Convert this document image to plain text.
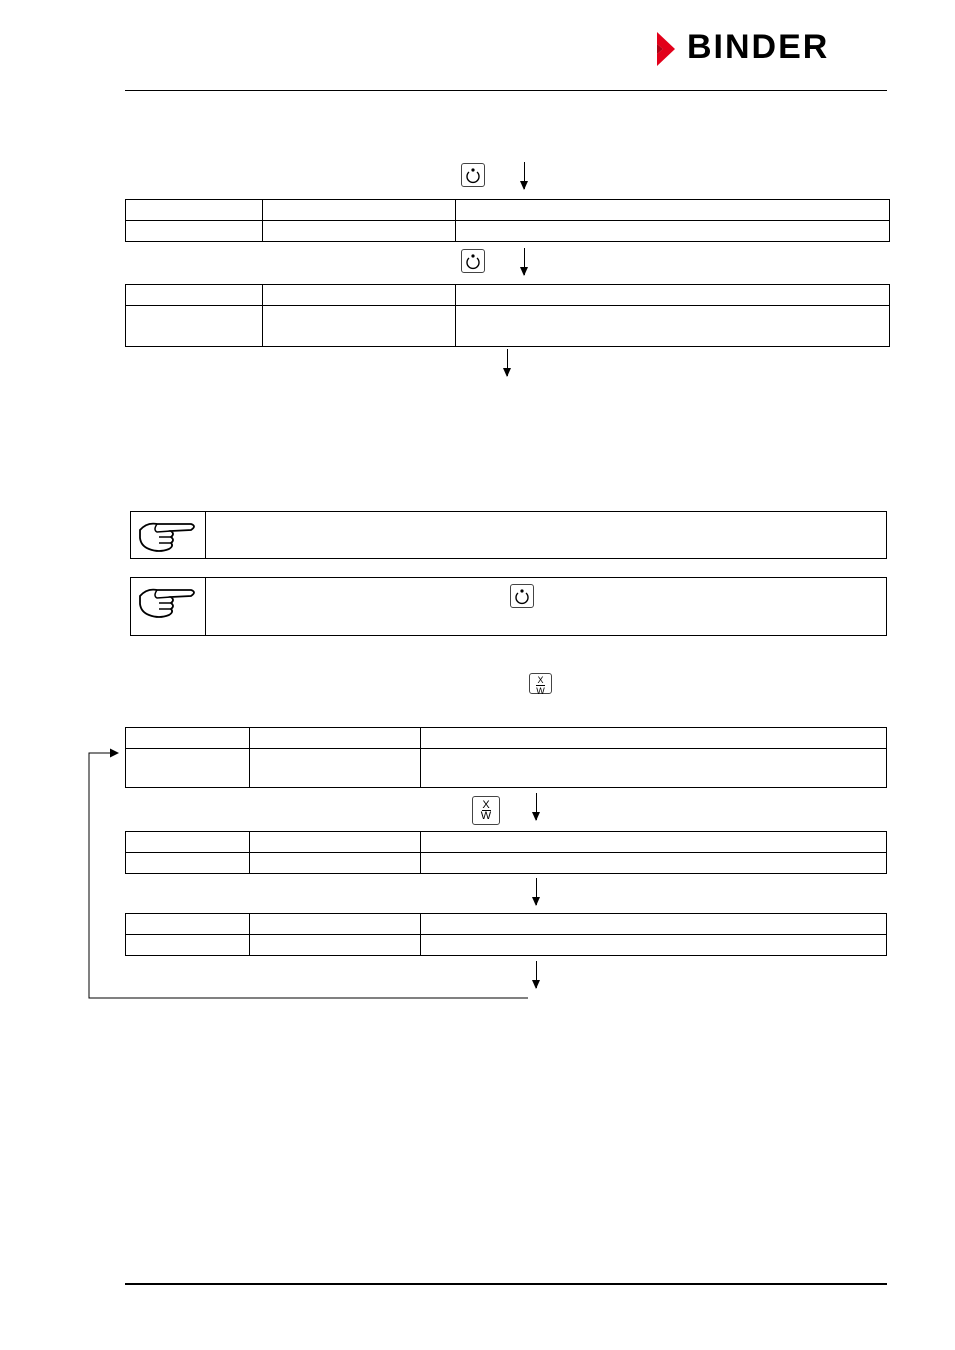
BINDER

X
W

X
W
